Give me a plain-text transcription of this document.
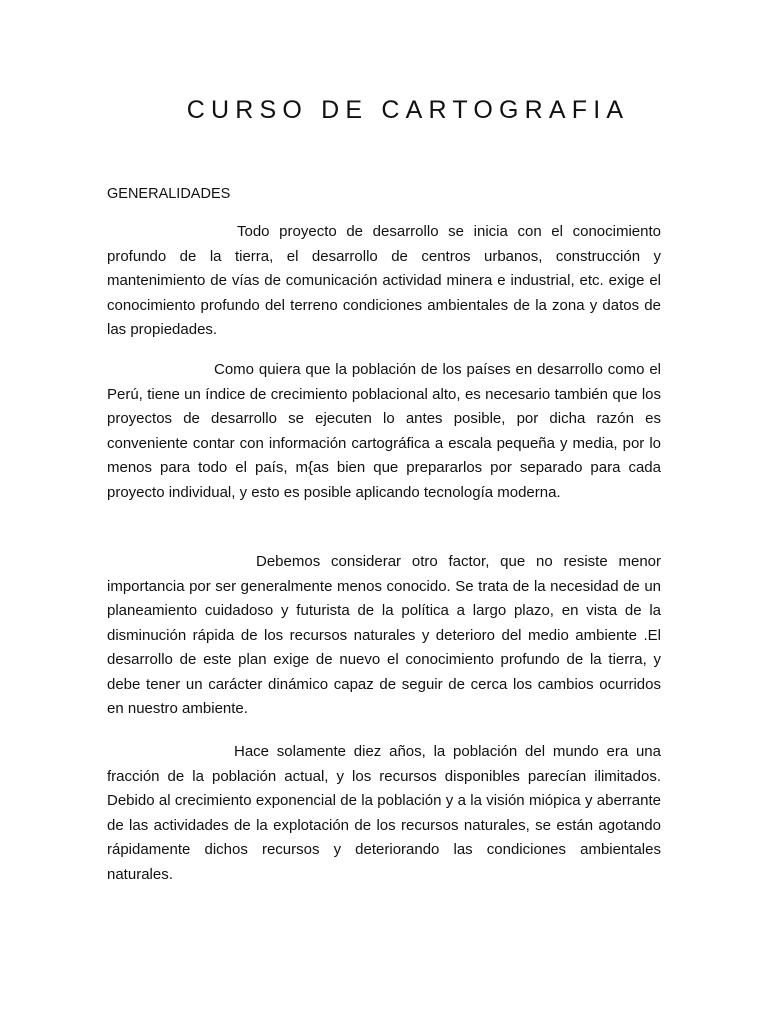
CURSO DE CARTOGRAFIA

GENERALIDADES

Todo proyecto de desarrollo se inicia con el conocimiento profundo de la tierra, el desarrollo de centros urbanos, construcción y mantenimiento de vías de comunicación actividad minera e industrial, etc. exige el conocimiento profundo del terreno condiciones ambientales de la zona y datos de las propiedades.

Como quiera que la población de los países en desarrollo como el Perú, tiene un índice de crecimiento poblacional alto, es necesario también que los proyectos de desarrollo se ejecuten lo antes posible, por dicha razón es conveniente contar con información cartográfica a escala pequeña y media, por lo menos para todo el país, m{as bien que prepararlos por separado para cada proyecto individual, y esto es posible aplicando tecnología moderna.

Debemos considerar otro factor, que no resiste menor importancia por ser generalmente menos conocido. Se trata de la necesidad de un planeamiento cuidadoso y futurista de la política a largo plazo, en vista de la disminución rápida de los recursos naturales y deterioro del medio ambiente .El desarrollo de este plan exige de nuevo el conocimiento profundo de la tierra, y debe tener un carácter dinámico capaz de seguir de cerca los cambios ocurridos en nuestro ambiente.

Hace solamente diez años, la población del mundo era una fracción de la población actual, y los recursos disponibles parecían ilimitados. Debido al crecimiento exponencial de la población y a la visión miópica y aberrante de las actividades de la explotación de los recursos naturales, se están agotando rápidamente dichos recursos y deteriorando las condiciones ambientales naturales.
